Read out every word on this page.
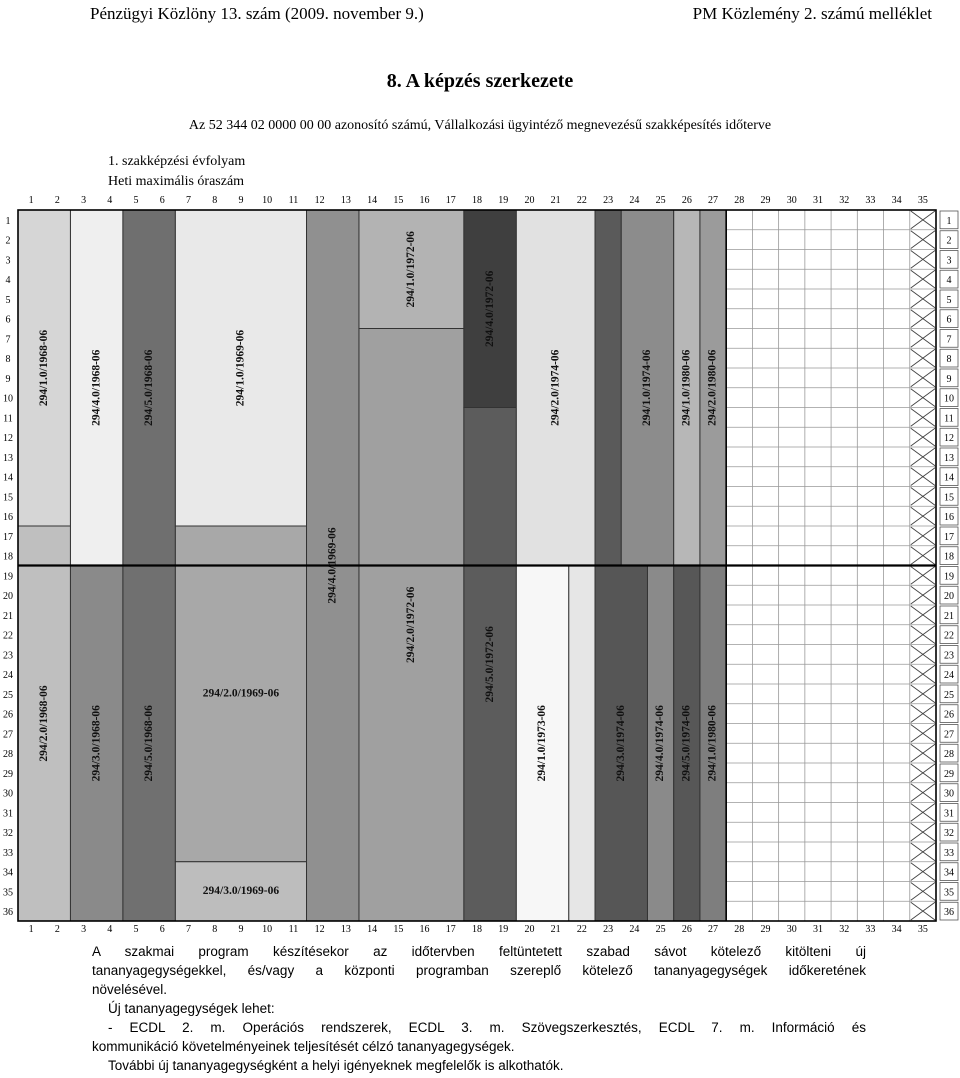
Pénzügyi Közlöny 13. szám (2009. november 9.)	PM Közlemény 2. számú melléklet
8. A képzés szerkezete
Az 52 344 02 0000 00 00 azonosító számú, Vállalkozási ügyintéző megnevezésű szakképesítés időterve
1. szakképzési évfolyam
Heti maximális óraszám
294/1.0/1968-06
294/2.0/1968-06
294/4.0/1968-06
294/3.0/1968-06
294/5.0/1968-06
294/5.0/1968-06
294/1.0/1969-06
294/2.0/1969-06
294/3.0/1969-06
294/4.0/1969-06
294/1.0/1972-06
294/2.0/1972-06
294/4.0/1972-06
294/5.0/1972-06
294/2.0/1974-06
294/1.0/1973-06
294/1.0/1974-06 294/1.0/1980-06 294/2.0/1980-06
294/3.0/1974-06 294/4.0/1974-06 294/5.0/1974-06 294/1.0/1980-06
1
1
2
2
3
3
4
4
5
5
6
6
7
7
8
8
9
9
10
10
11
11
12
12
13
13
14
14
15
15
16
16
17
17
18
18
19
19
20
20
21
21
22
22
23
23
24
24
25
25
26
26
27
27
28
28
29
29
30
30
31
31
32
32
33
33
34
34
35
35
1	1
2	2
3	3
4	4
5	5
6	6
7	7
8	8
9	9
10	10
11	11
12	12
13	13
14	14
15	15
16	16
17	17
18	18
19	19
20	20
21	21
22	22
23	23
24	24
25	25
26	26
27	27
28	28
29	29
30	30
31	31
32	32
33	33
34	34
35	35
36	36
A szakmai program készítésekor az időtervben feltüntetett szabad sávot kötelező kitölteni új
tananyagegységekkel, és/vagy a központi programban szereplő kötelező tananyagegységek időkeretének
növelésével.
Új tananyagegységek lehet:
- ECDL 2. m. Operációs rendszerek, ECDL 3. m. Szövegszerkesztés, ECDL 7. m. Információ és
kommunikáció követelményeinek teljesítését célzó tananyagegységek.
További új tananyagegységként a helyi igényeknek megfelelők is alkothatók.
